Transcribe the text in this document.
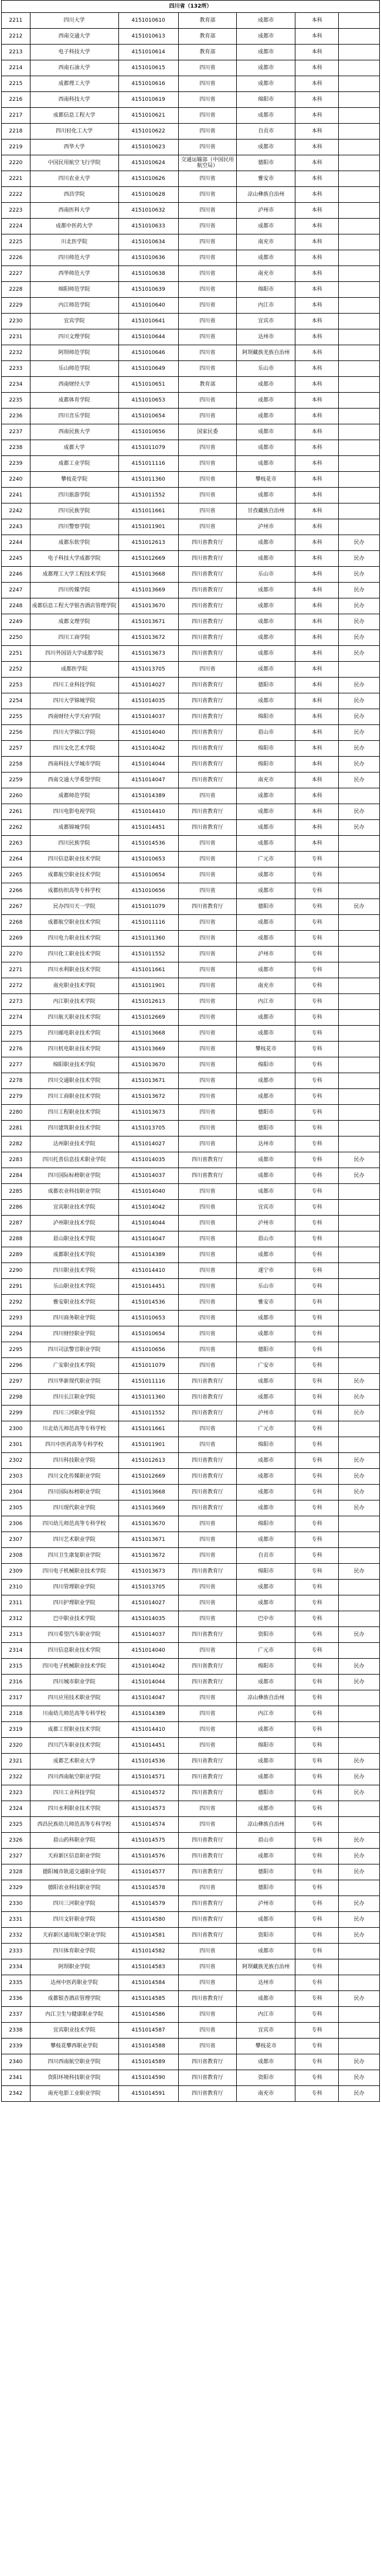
四川省（132所）						
2211	四川大学	4151010610	教育部	成都市	本科	
2212	西南交通大学	4151010613	教育部	成都市	本科	
2213	电子科技大学	4151010614	教育部	成都市	本科	
2214	西南石油大学	4151010615	四川省	成都市	本科	
2215	成都理工大学	4151010616	四川省	成都市	本科	
2216	西南科技大学	4151010619	四川省	绵阳市	本科	
2217	成都信息工程大学	4151010621	四川省	成都市	本科	
2218	四川轻化工大学	4151010622	四川省	自贡市	本科	
2219	西华大学	4151010623	四川省	成都市	本科	
2220	中国民用航空飞行学院	4151010624	交通运输部（中国民用航空局）	德阳市	本科	
2221	四川农业大学	4151010626	四川省	雅安市	本科	
2222	西昌学院	4151010628	四川省	凉山彝族自治州	本科	
2223	西南医科大学	4151010632	四川省	泸州市	本科	
2224	成都中医药大学	4151010633	四川省	成都市	本科	
2225	川北医学院	4151010634	四川省	南充市	本科	
2226	四川师范大学	4151010636	四川省	成都市	本科	
2227	西华师范大学	4151010638	四川省	南充市	本科	
2228	绵阳师范学院	4151010639	四川省	绵阳市	本科	
2229	内江师范学院	4151010640	四川省	内江市	本科	
2230	宜宾学院	4151010641	四川省	宜宾市	本科	
2231	四川文理学院	4151010644	四川省	达州市	本科	
2232	阿坝师范学院	4151010646	四川省	阿坝藏族羌族自治州	本科	
2233	乐山师范学院	4151010649	四川省	乐山市	本科	
2234	西南财经大学	4151010651	教育部	成都市	本科	
2235	成都体育学院	4151010653	四川省	成都市	本科	
2236	四川音乐学院	4151010654	四川省	成都市	本科	
2237	西南民族大学	4151010656	国家民委	成都市	本科	
2238	成都大学	4151011079	四川省	成都市	本科	
2239	成都工业学院	4151011116	四川省	成都市	本科	
2240	攀枝花学院	4151011360	四川省	攀枝花市	本科	
2241	四川旅游学院	4151011552	四川省	成都市	本科	
2242	四川民族学院	4151011661	四川省	甘孜藏族自治州	本科	
2243	四川警察学院	4151011901	四川省	泸州市	本科	
2244	成都东软学院	4151012613	四川省教育厅	成都市	本科	民办
2245	电子科技大学成都学院	4151012669	四川省教育厅	成都市	本科	民办
2246	成都理工大学工程技术学院	4151013668	四川省教育厅	乐山市	本科	民办
2247	四川传媒学院	4151013669	四川省教育厅	成都市	本科	民办
2248	成都信息工程大学银杏酒店管理学院	4151013670	四川省教育厅	成都市	本科	民办
2249	成都文理学院	4151013671	四川省教育厅	成都市	本科	民办
2250	四川工商学院	4151013672	四川省教育厅	成都市	本科	民办
2251	四川外国语大学成都学院	4151013673	四川省教育厅	成都市	本科	民办
2252	成都医学院	4151013705	四川省	成都市	本科	
2253	四川工业科技学院	4151014027	四川省教育厅	德阳市	本科	民办
2254	四川大学锦城学院	4151014035	四川省教育厅	成都市	本科	民办
2255	西南财经大学天府学院	4151014037	四川省教育厅	绵阳市	本科	民办
2256	四川大学锦江学院	4151014040	四川省教育厅	眉山市	本科	民办
2257	四川文化艺术学院	4151014042	四川省教育厅	绵阳市	本科	民办
2258	西南科技大学城市学院	4151014044	四川省教育厅	绵阳市	本科	民办
2259	西南交通大学希望学院	4151014047	四川省教育厅	南充市	本科	民办
2260	成都师范学院	4151014389	四川省	成都市	本科	
2261	四川电影电视学院	4151014410	四川省教育厅	成都市	本科	民办
2262	成都锦城学院	4151014451	四川省教育厅	成都市	本科	民办
2263	四川民族学院	4151014536	四川省	成都市	本科	
2264	四川信息职业技术学院	4151010653	四川省	广元市	专科	
2265	成都航空职业技术学院	4151010654	四川省	成都市	专科	
2266	成都纺织高等专科学校	4151010656	四川省	成都市	专科	
2267	民办四川天一学院	4151011079	四川省教育厅	德阳市	专科	民办
2268	成都航空职业技术学院	4151011116	四川省	成都市	专科	
2269	四川电力职业技术学院	4151011360	四川省	成都市	专科	
2270	四川化工职业技术学院	4151011552	四川省	泸州市	专科	
2271	四川水利职业技术学院	4151011661	四川省	成都市	专科	
2272	南充职业技术学院	4151011901	四川省	南充市	专科	
2273	内江职业技术学院	4151012613	四川省	内江市	专科	
2274	四川航天职业技术学院	4151012669	四川省	成都市	专科	
2275	四川邮电职业技术学院	4151013668	四川省	成都市	专科	
2276	四川机电职业技术学院	4151013669	四川省	攀枝花市	专科	
2277	绵阳职业技术学院	4151013670	四川省	绵阳市	专科	
2278	四川交通职业技术学院	4151013671	四川省	成都市	专科	
2279	四川工商职业技术学院	4151013672	四川省	成都市	专科	
2280	四川工程职业技术学院	4151013673	四川省	德阳市	专科	
2281	四川建筑职业技术学院	4151013705	四川省	德阳市	专科	
2282	达州职业技术学院	4151014027	四川省	达州市	专科	
2283	四川托普信息技术职业学院	4151014035	四川省教育厅	成都市	专科	民办
2284	四川国际标榜职业学院	4151014037	四川省教育厅	成都市	专科	民办
2285	成都农业科技职业学院	4151014040	四川省	成都市	专科	
2286	宜宾职业技术学院	4151014042	四川省	宜宾市	专科	
2287	泸州职业技术学院	4151014044	四川省	泸州市	专科	
2288	眉山职业技术学院	4151014047	四川省	眉山市	专科	
2289	成都职业技术学院	4151014389	四川省	成都市	专科	
2290	四川职业技术学院	4151014410	四川省	遂宁市	专科	
2291	乐山职业技术学院	4151014451	四川省	乐山市	专科	
2292	雅安职业技术学院	4151014536	四川省	雅安市	专科	
2293	四川商务职业学院	4151010653	四川省	成都市	专科	
2294	四川财经职业学院	4151010654	四川省	成都市	专科	
2295	四川司法警官职业学院	4151010656	四川省	德阳市	专科	
2296	广安职业技术学院	4151011079	四川省	广安市	专科	
2297	四川华新现代职业学院	4151011116	四川省教育厅	成都市	专科	民办
2298	四川长江职业学院	4151011360	四川省教育厅	成都市	专科	民办
2299	四川三河职业学院	4151011552	四川省教育厅	泸州市	专科	民办
2300	川北幼儿师范高等专科学校	4151011661	四川省	广元市	专科	
2301	四川中医药高等专科学校	4151011901	四川省	绵阳市	专科	
2302	四川科技职业学院	4151012613	四川省教育厅	成都市	专科	民办
2303	四川文化传媒职业学院	4151012669	四川省教育厅	成都市	专科	民办
2304	四川国际标榜职业学院	4151013668	四川省教育厅	成都市	专科	民办
2305	四川现代职业学院	4151013669	四川省教育厅	成都市	专科	民办
2306	四川幼儿师范高等专科学校	4151013670	四川省	绵阳市	专科	
2307	四川艺术职业学院	4151013671	四川省	成都市	专科	
2308	四川卫生康复职业学院	4151013672	四川省	自贡市	专科	
2309	四川电子机械职业技术学院	4151013673	四川省教育厅	绵阳市	专科	民办
2310	四川管理职业学院	4151013705	四川省	成都市	专科	
2311	四川护理职业学院	4151014027	四川省	成都市	专科	
2312	巴中职业技术学院	4151014035	四川省	巴中市	专科	
2313	四川希望汽车职业学院	4151014037	四川省教育厅	资阳市	专科	民办
2314	四川信息职业技术学院	4151014040	四川省	广元市	专科	
2315	四川电子机械职业技术学院	4151014042	四川省教育厅	绵阳市	专科	民办
2316	四川城市职业学院	4151014044	四川省教育厅	成都市	专科	民办
2317	四川应用技术职业学院	4151014047	四川省	凉山彝族自治州	专科	
2318	川南幼儿师范高等专科学校	4151014389	四川省	内江市	专科	
2319	成都工贸职业技术学院	4151014410	四川省	成都市	专科	
2320	四川汽车职业技术学院	4151014451	四川省	绵阳市	专科	
2321	成都艺术职业大学	4151014536	四川省教育厅	成都市	专科	民办
2322	四川西南航空职业学院	4151014571	四川省教育厅	成都市	专科	民办
2323	四川工业科技学院	4151014572	四川省教育厅	德阳市	专科	民办
2324	四川水利职业技术学院	4151014573	四川省	成都市	专科	
2325	西昌民族幼儿师范高等专科学校	4151014574	四川省	凉山彝族自治州	专科	
2326	眉山药科职业学院	4151014575	四川省教育厅	眉山市	专科	民办
2327	天府新区信息职业学院	4151014576	四川省教育厅	成都市	专科	民办
2328	德阳城市轨道交通职业学院	4151014577	四川省教育厅	德阳市	专科	民办
2329	德阳农业科技职业学院	4151014578	四川省	德阳市	专科	
2330	四川三河职业学院	4151014579	四川省教育厅	泸州市	专科	民办
2331	四川文轩职业学院	4151014580	四川省教育厅	成都市	专科	民办
2332	天府新区通用航空职业学院	4151014581	四川省教育厅	资阳市	专科	民办
2333	四川体育职业学院	4151014582	四川省	成都市	专科	
2334	阿坝职业学院	4151014583	四川省	阿坝藏族羌族自治州	专科	
2335	达州中医药职业学院	4151014584	四川省	达州市	专科	
2336	成都银杏酒店管理学院	4151014585	四川省教育厅	成都市	专科	民办
2337	内江卫生与健康职业学院	4151014586	四川省	内江市	专科	
2338	宜宾职业技术学院	4151014587	四川省	宜宾市	专科	
2339	攀枝花攀西职业学院	4151014588	四川省	攀枝花市	专科	
2340	四川西南航空职业学院	4151014589	四川省教育厅	成都市	专科	民办
2341	资阳环境科技职业学院	4151014590	四川省教育厅	资阳市	专科	民办
2342	南充电影工业职业学院	4151014591	四川省教育厅	南充市	专科	民办
